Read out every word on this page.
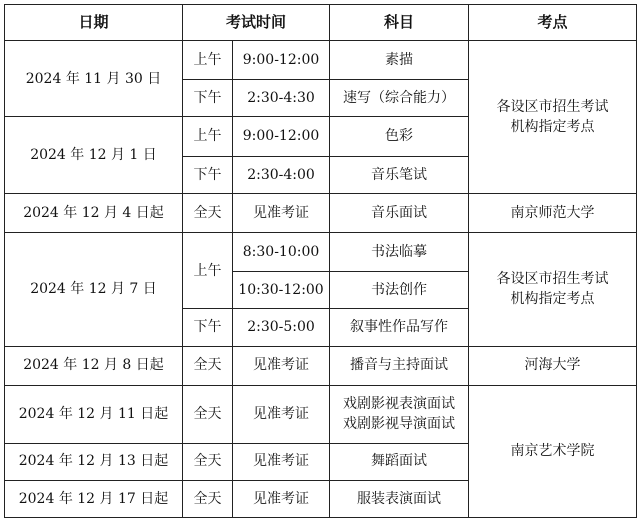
日期	考试时间		科目	考点
2024 年 11 月 30 日	上午	9:00-12:00	素描	各设区市招生考试
机构指定考点

	下午	2:30-4:30	速写（综合能力）	
2024 年 12 月 1 日	上午	9:00-12:00	色彩	
	下午	2:30-4:00	音乐笔试	
2024 年 12 月 4 日起	全天	见准考证	音乐面试	南京师范大学
2024 年 12 月 7 日	上午	8:30-10:00	书法临摹	各设区市招生考试
机构指定考点

		10:30-12:00	书法创作	
	下午	2:30-5:00	叙事性作品写作	
2024 年 12 月 8 日起	全天	见准考证	播音与主持面试	河海大学
2024 年 12 月 11 日起	全天	见准考证	戏剧影视表演面试
戏剧影视导演面试	南京艺术学院
2024 年 12 月 13 日起	全天	见准考证	舞蹈面试	
2024 年 12 月 17 日起	全天	见准考证	服装表演面试	
